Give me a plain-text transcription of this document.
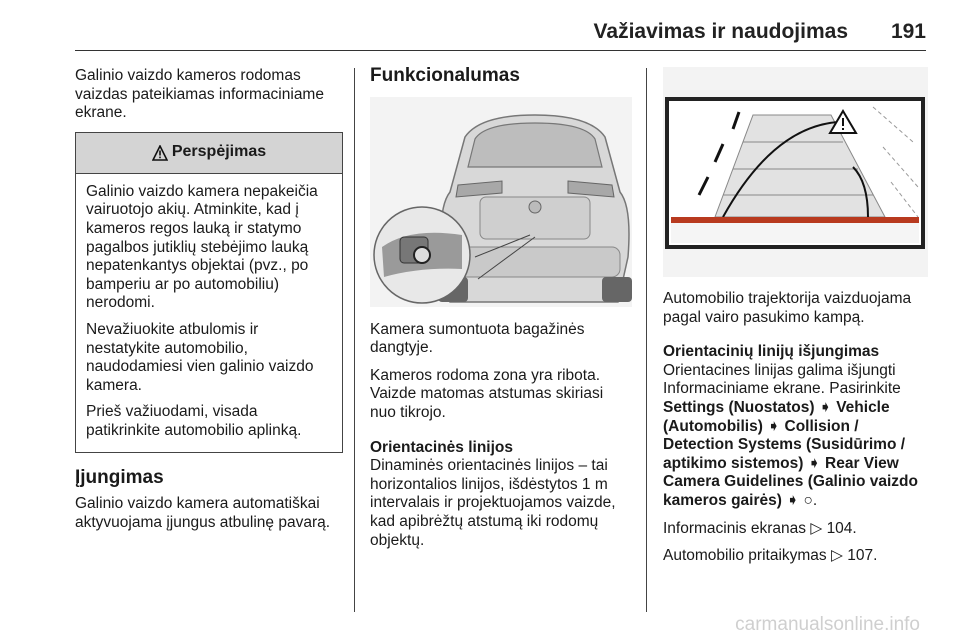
Važiavimas ir naudojimas 191

Galinio vaizdo kameros rodomas vaizdas pateikiamas informaciniame ekrane.

Perspėjimas

Galinio vaizdo kamera nepakeičia vairuotojo akių. Atminkite, kad į kameros regos lauką ir statymo pagalbos jutiklių stebėjimo lauką nepatenkantys objektai (pvz., po bamperiu ar po automobiliu) nerodomi.

Nevažiuokite atbulomis ir nestatykite automobilio, naudodamiesi vien galinio vaizdo kamera.

Prieš važiuodami, visada patikrinkite automobilio aplinką.

Įjungimas

Galinio vaizdo kamera automatiškai aktyvuojama įjungus atbulinę pavarą.

Funkcionalumas

Kamera sumontuota bagažinės dangtyje.

Kameros rodoma zona yra ribota. Vaizde matomas atstumas skiriasi nuo tikrojo.

Orientacinės linijos

Dinaminės orientacinės linijos – tai horizontalios linijos, išdėstytos 1 m intervalais ir projektuojamos vaizde, kad apibrėžtų atstumą iki rodomų objektų.

Automobilio trajektorija vaizduojama pagal vairo pasukimo kampą.

Orientacinių linijų išjungimas

Orientacines linijas galima išjungti Informaciniame ekrane. Pasirinkite Settings (Nuostatos) ➧ Vehicle (Automobilis) ➧ Collision / Detection Systems (Susidūrimo / aptikimo sistemos) ➧ Rear View Camera Guidelines (Galinio vaizdo kameros gairės) ➧ ○.

Informacinis ekranas ▷ 104.

Automobilio pritaikymas ▷ 107.

carmanualsonline.info
